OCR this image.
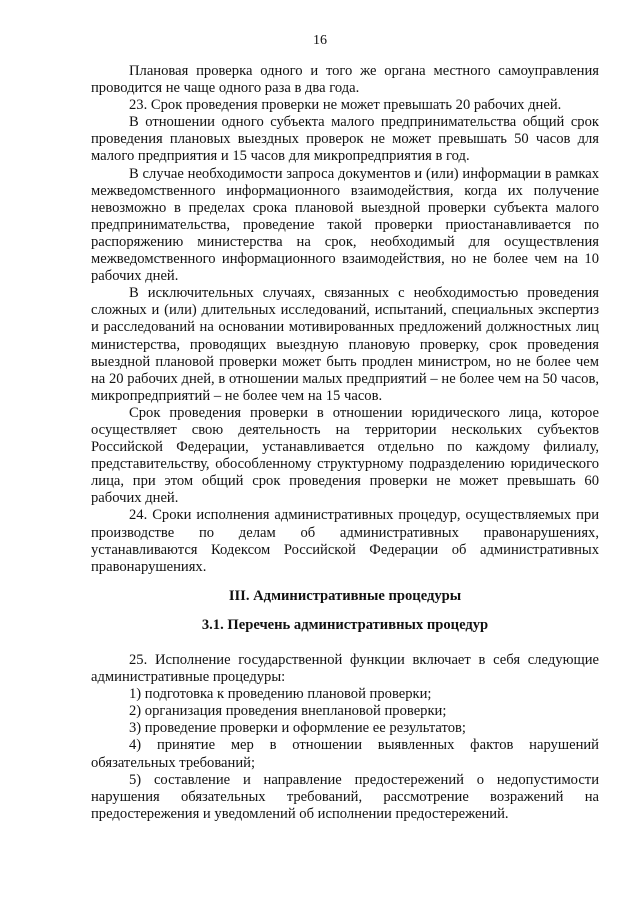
16

Плановая проверка одного и того же органа местного самоуправления проводится не чаще одного раза в два года.

23. Срок проведения проверки не может превышать 20 рабочих дней.

В отношении одного субъекта малого предпринимательства общий срок проведения плановых выездных проверок не может превышать 50 часов для малого предприятия и 15 часов для микропредприятия в год.

В случае необходимости запроса документов и (или) информации в рамках межведомственного информационного взаимодействия, когда их получение невозможно в пределах срока плановой выездной проверки субъекта малого предпринимательства, проведение такой проверки приостанавливается по распоряжению министерства на срок, необходимый для осуществления межведомственного информационного взаимодействия, но не более чем на 10 рабочих дней.

В исключительных случаях, связанных с необходимостью проведения сложных и (или) длительных исследований, испытаний, специальных экспертиз и расследований на основании мотивированных предложений должностных лиц министерства, проводящих выездную плановую проверку, срок проведения выездной плановой проверки может быть продлен министром, но не более чем на 20 рабочих дней, в отношении малых предприятий – не более чем на 50 часов, микропредприятий – не более чем на 15 часов.

Срок проведения проверки в отношении юридического лица, которое осуществляет свою деятельность на территории нескольких субъектов Российской Федерации, устанавливается отдельно по каждому филиалу, представительству, обособленному структурному подразделению юридического лица, при этом общий срок проведения проверки не может превышать 60 рабочих дней.

24. Сроки исполнения административных процедур, осуществляемых при производстве по делам об административных правонарушениях, устанавливаются Кодексом Российской Федерации об административных правонарушениях.

III. Административные процедуры

3.1. Перечень административных процедур

25. Исполнение государственной функции включает в себя следующие административные процедуры:

1) подготовка к проведению плановой проверки;

2) организация проведения внеплановой проверки;

3) проведение проверки и оформление ее результатов;

4) принятие мер в отношении выявленных фактов нарушений обязательных требований;

5) составление и направление предостережений о недопустимости нарушения обязательных требований, рассмотрение возражений на предостережения и уведомлений об исполнении предостережений.
